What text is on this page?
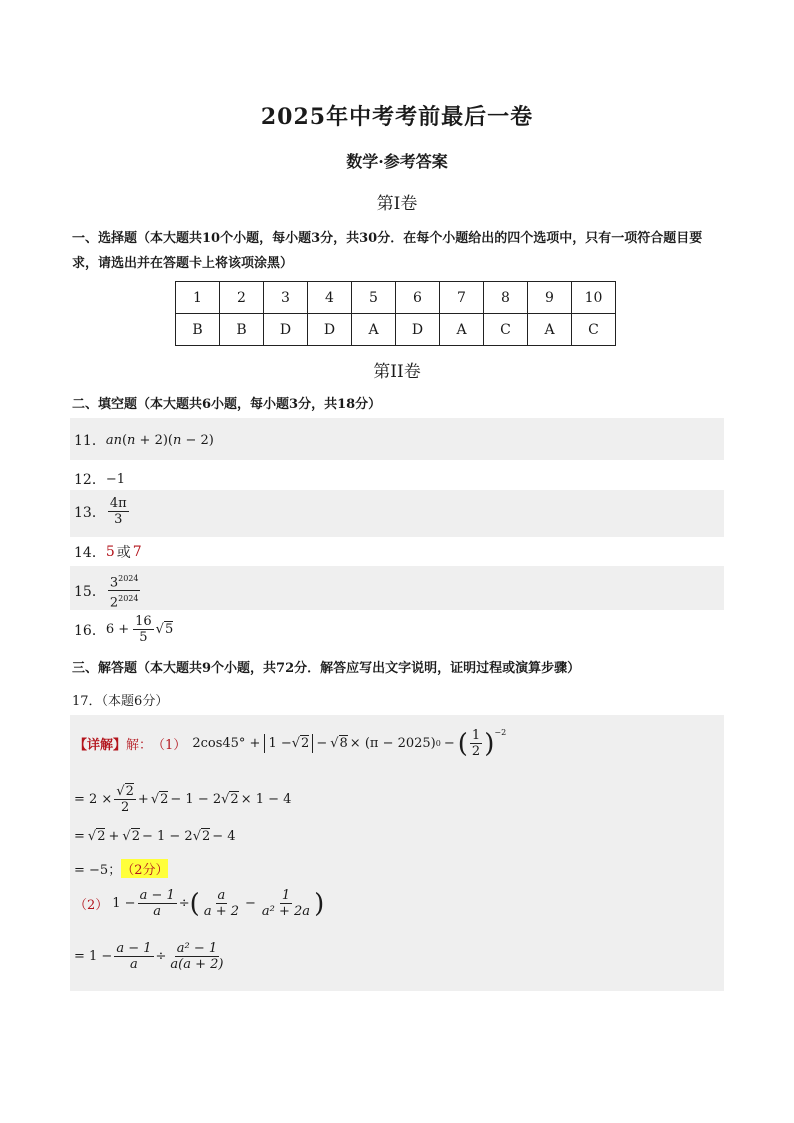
2025年中考考前最后一卷
数学·参考答案
第Ⅰ卷
一、选择题（本大题共10个小题，每小题3分，共30分．在每个小题给出的四个选项中，只有一项符合题目要求，请选出并在答题卡上将该项涂黑）
1	2	3	4	5	6	7	8	9	10
B	B	D	D	A	D	A	C	A	C
第II卷
二、填空题（本大题共6小题，每小题3分，共18分）
11． an(n + 2)(n − 2)
12． −1
13． $\frac{4\pi}{3}$
14． 5 或 7
15． $\frac{3^{2024}}{2^{2024}}$
16． $6 + \frac{16}{5} √5$
三、解答题（本大题共9个小题，共72分．解答应写出文字说明，证明过程或演算步骤）
17．（本题6分）
【详解】 解： （1） 2cos45° + 1 −√2 − √8 × (π − 2025) 0 − ( $\frac{1}{2} )^{-2}$
= $2 \times \frac{√2}{2} + √2 - 1 - 2$ √2 × 1 − 4
= √2 + √2 − 1 − 2 √2 − 4
= −5； （2分）
（2） $1 - \frac{a - 1}{a}$ ÷ ( $\frac{a}{a + 2} - \frac{1}{\text{a² + 2a}}$ )
= $1 - \frac{a - 1}{a} \div \frac{\text{a² − 1}}{a(a + 2)}$
